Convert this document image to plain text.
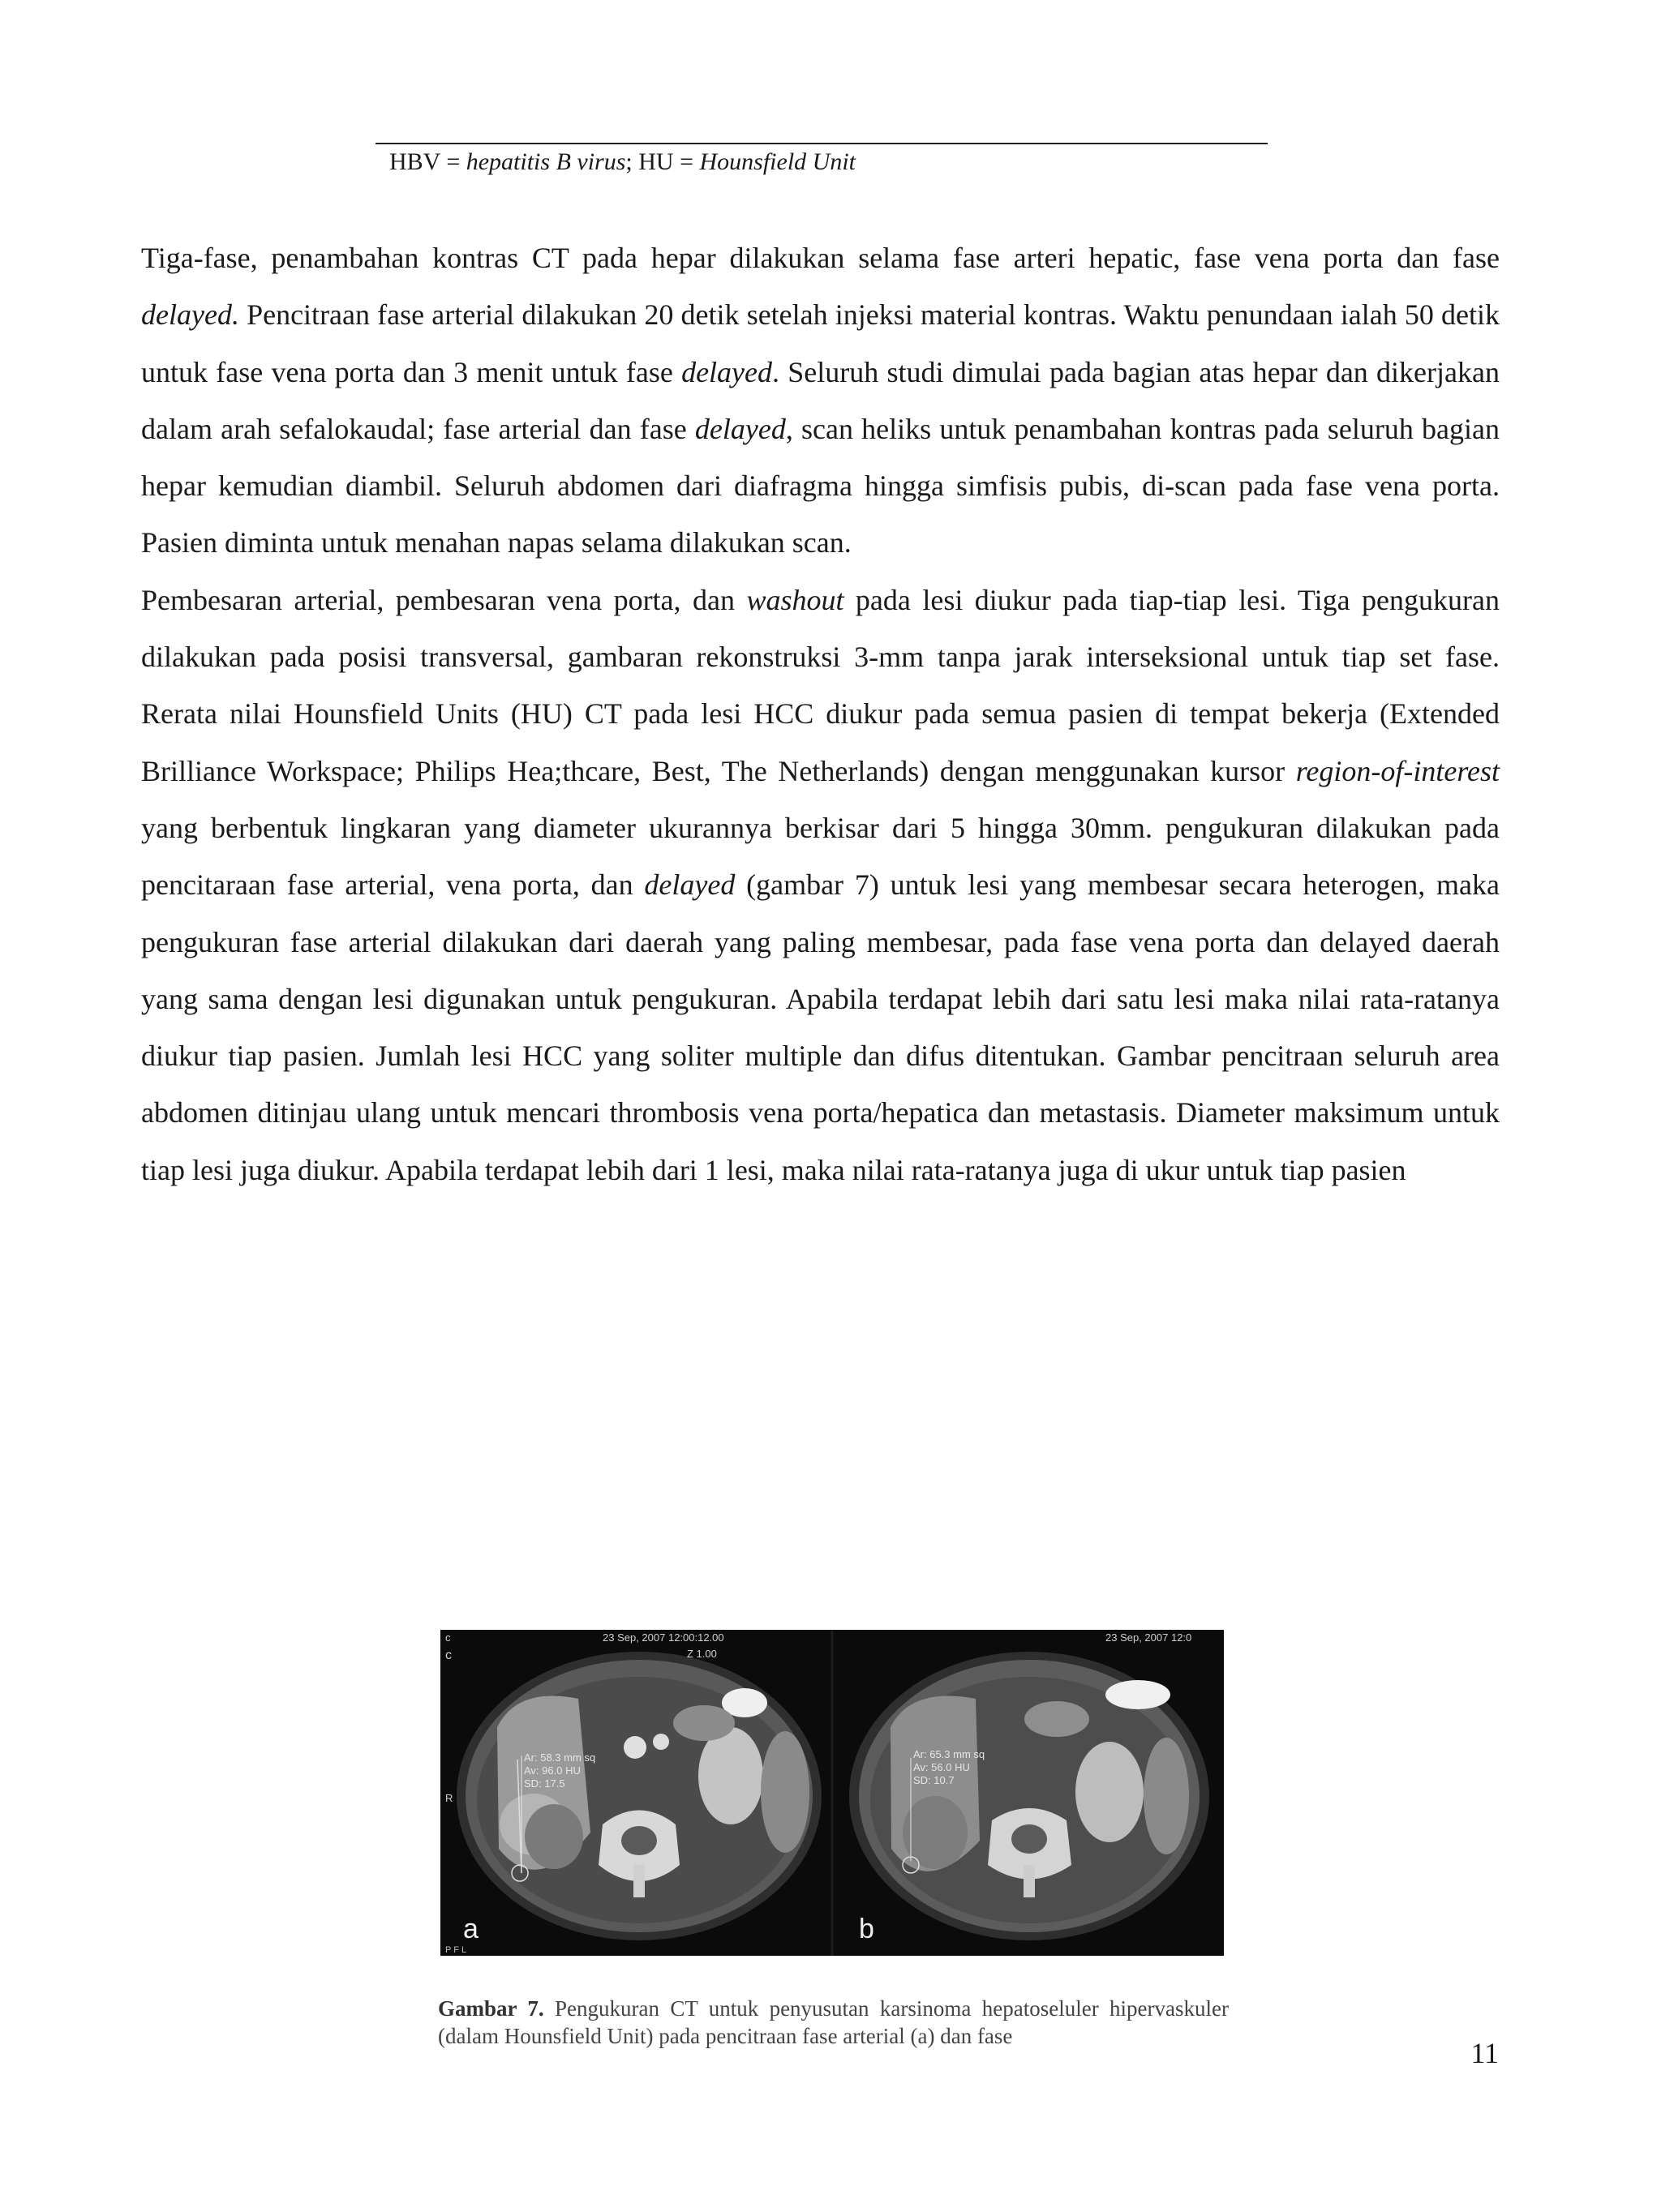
HBV = hepatitis B virus; HU = Hounsfield Unit

Tiga-fase, penambahan kontras CT pada hepar dilakukan selama fase arteri hepatic, fase vena porta dan fase delayed. Pencitraan fase arterial dilakukan 20 detik setelah injeksi material kontras. Waktu penundaan ialah 50 detik untuk fase vena porta dan 3 menit untuk fase delayed. Seluruh studi dimulai pada bagian atas hepar dan dikerjakan dalam arah sefalokaudal; fase arterial dan fase delayed, scan heliks untuk penambahan kontras pada seluruh bagian hepar kemudian diambil. Seluruh abdomen dari diafragma hingga simfisis pubis, di-scan pada fase vena porta. Pasien diminta untuk menahan napas selama dilakukan scan.

Pembesaran arterial, pembesaran vena porta, dan washout pada lesi diukur pada tiap-tiap lesi. Tiga pengukuran dilakukan pada posisi transversal, gambaran rekonstruksi 3-mm tanpa jarak interseksional untuk tiap set fase. Rerata nilai Hounsfield Units (HU) CT pada lesi HCC diukur pada semua pasien di tempat bekerja (Extended Brilliance Workspace; Philips Hea;thcare, Best, The Netherlands) dengan menggunakan kursor region-of-interest yang berbentuk lingkaran yang diameter ukurannya berkisar dari 5 hingga 30mm. pengukuran dilakukan pada pencitaraan fase arterial, vena porta, dan delayed (gambar 7) untuk lesi yang membesar secara heterogen, maka pengukuran fase arterial dilakukan dari daerah yang paling membesar, pada fase vena porta dan delayed daerah yang sama dengan lesi digunakan untuk pengukuran. Apabila terdapat lebih dari satu lesi maka nilai rata-ratanya diukur tiap pasien. Jumlah lesi HCC yang soliter multiple dan difus ditentukan. Gambar pencitraan seluruh area abdomen ditinjau ulang untuk mencari thrombosis vena porta/hepatica dan metastasis. Diameter maksimum untuk tiap lesi juga diukur. Apabila terdapat lebih dari 1 lesi, maka nilai rata-ratanya juga di ukur untuk tiap pasien

c
c
23 Sep, 2007 12:00:12.00
Z 1.00
R
Ar: 58.3 mm sq
Av: 96.0 HU
SD: 17.5
a
P F L
23 Sep, 2007 12:0
Ar: 65.3 mm sq
Av: 56.0 HU
SD: 10.7
b
Gambar 7. Pengukuran CT untuk penyusutan karsinoma hepatoseluler hipervaskuler (dalam Hounsfield Unit) pada pencitraan fase arterial (a) dan fase
11
